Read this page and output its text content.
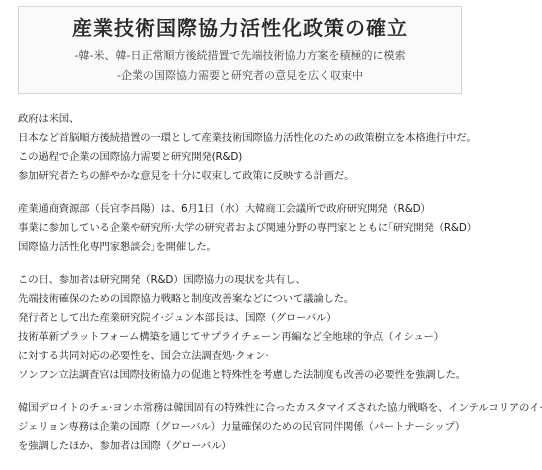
産業技術国際協力活性化政策の確立

-韓-米、韓-日正常順方後続措置で先端技術協力方案を積極的に模索

-企業の国際協力需要と研究者の意見を広く収束中

政府は米国、
日本など首脳順方後続措置の一環として産業技術国際協力活性化のための政策樹立を本格進行中だ。
この過程で企業の国際協力需要と研究開発(R&D)
参加研究者たちの鮮やかな意見を十分に収束して政策に反映する計画だ。
産業通商資源部（長官李昌陽）は、6月1日（水）大韓商工会議所で政府研究開発（R&D）
事業に参加している企業や研究所·大学の研究者および関連分野の専門家とともに｢研究開発（R&D）
国際協力活性化専門家懇談会｣を開催した。
この日、参加者は研究開発（R&D）国際協力の現状を共有し、
先端技術確保のための国際協力戦略と制度改善案などについて議論した。
発行者として出た産業研究院イ·ジュン本部長は、国際（グローバル）
技術革新プラットフォーム構築を通じてサプライチェーン再編など全地球的争点（イシュー）
に対する共同対応の必要性を、国会立法調査処·クォン·
ソンフン立法調査官は国際技術協力の促進と特殊性を考慮した法制度も改善の必要性を強調した。
韓国デロイトのチェ·ヨンホ常務は韓国固有の特殊性に合ったカスタマイズされた協力戦略を、インテルコリアのイ·
ジェリョン専務は企業の国際（グローバル）力量確保のための民官同伴関係（パートナーシップ）
を強調したほか、参加者は国際（グローバル）
